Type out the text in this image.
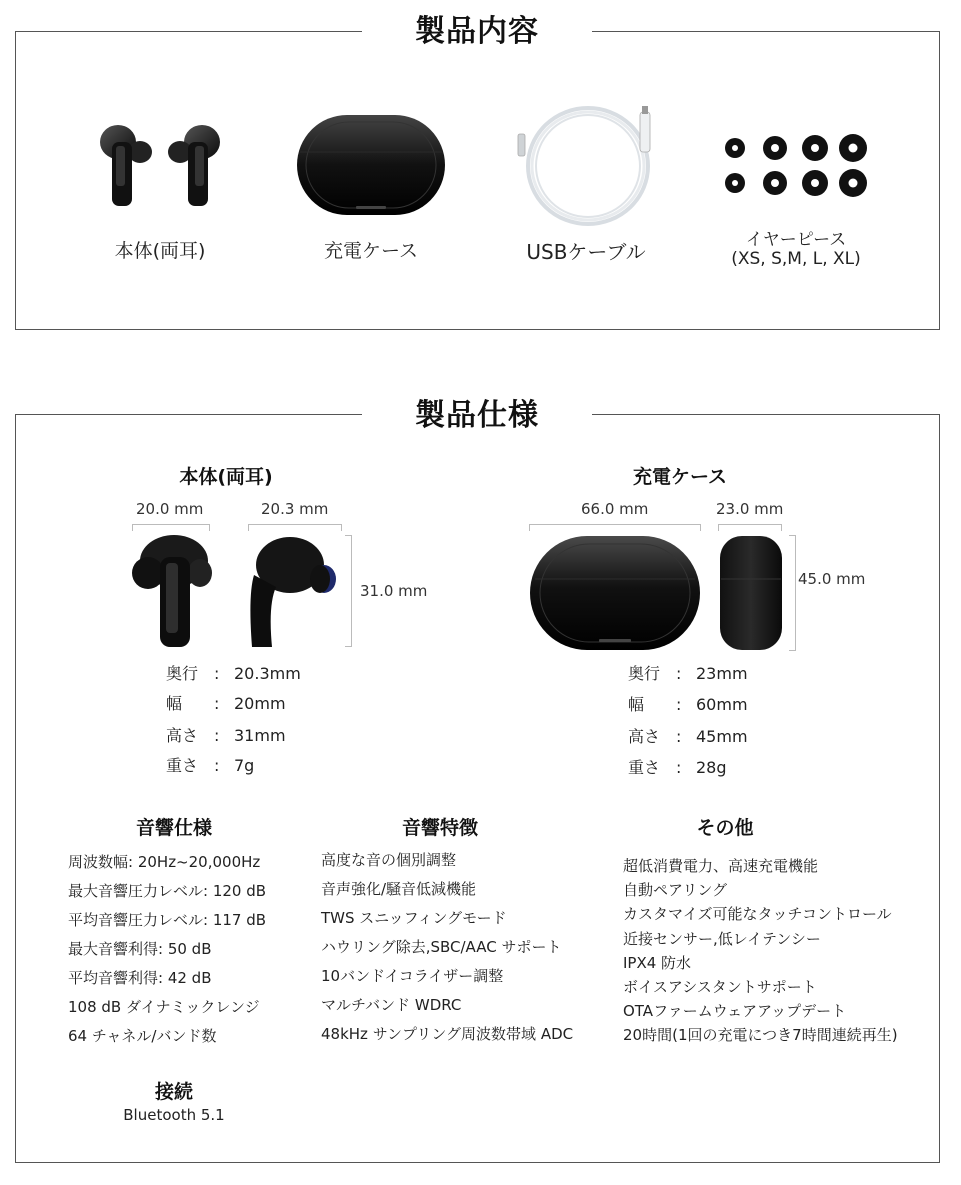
製品内容
本体(両耳)	充電ケース	USBケーブル	イヤーピース
(XS, S,M, L, XL)
製品仕様
本体(両耳)
20.0 mm	20.3 mm
31.0 mm
奥行 : 20.3mm
幅 : 20mm
高さ : 31mm
重さ : 7g
充電ケース
66.0 mm	23.0 mm
45.0 mm
奥行 : 23mm
幅 : 60mm
高さ : 45mm
重さ : 28g
音響仕様
周波数幅: 20Hz~20,000Hz
最大音響圧力レベル: 120 dB
平均音響圧力レベル: 117 dB
最大音響利得: 50 dB
平均音響利得: 42 dB
108 dB ダイナミックレンジ
64 チャネル/バンド数
音響特徴
高度な音の個別調整
音声強化/騒音低減機能
TWS スニッフィングモード
ハウリング除去,SBC/AAC サポート
10バンドイコライザー調整
マルチバンド WDRC
48kHz サンプリング周波数帯域 ADC
その他
超低消費電力、高速充電機能
自動ペアリング
カスタマイズ可能なタッチコントロール
近接センサー,低レイテンシー
IPX4 防水
ボイスアシスタントサポート
OTAファームウェアアップデート
20時間(1回の充電につき7時間連続再生)
接続
Bluetooth 5.1
